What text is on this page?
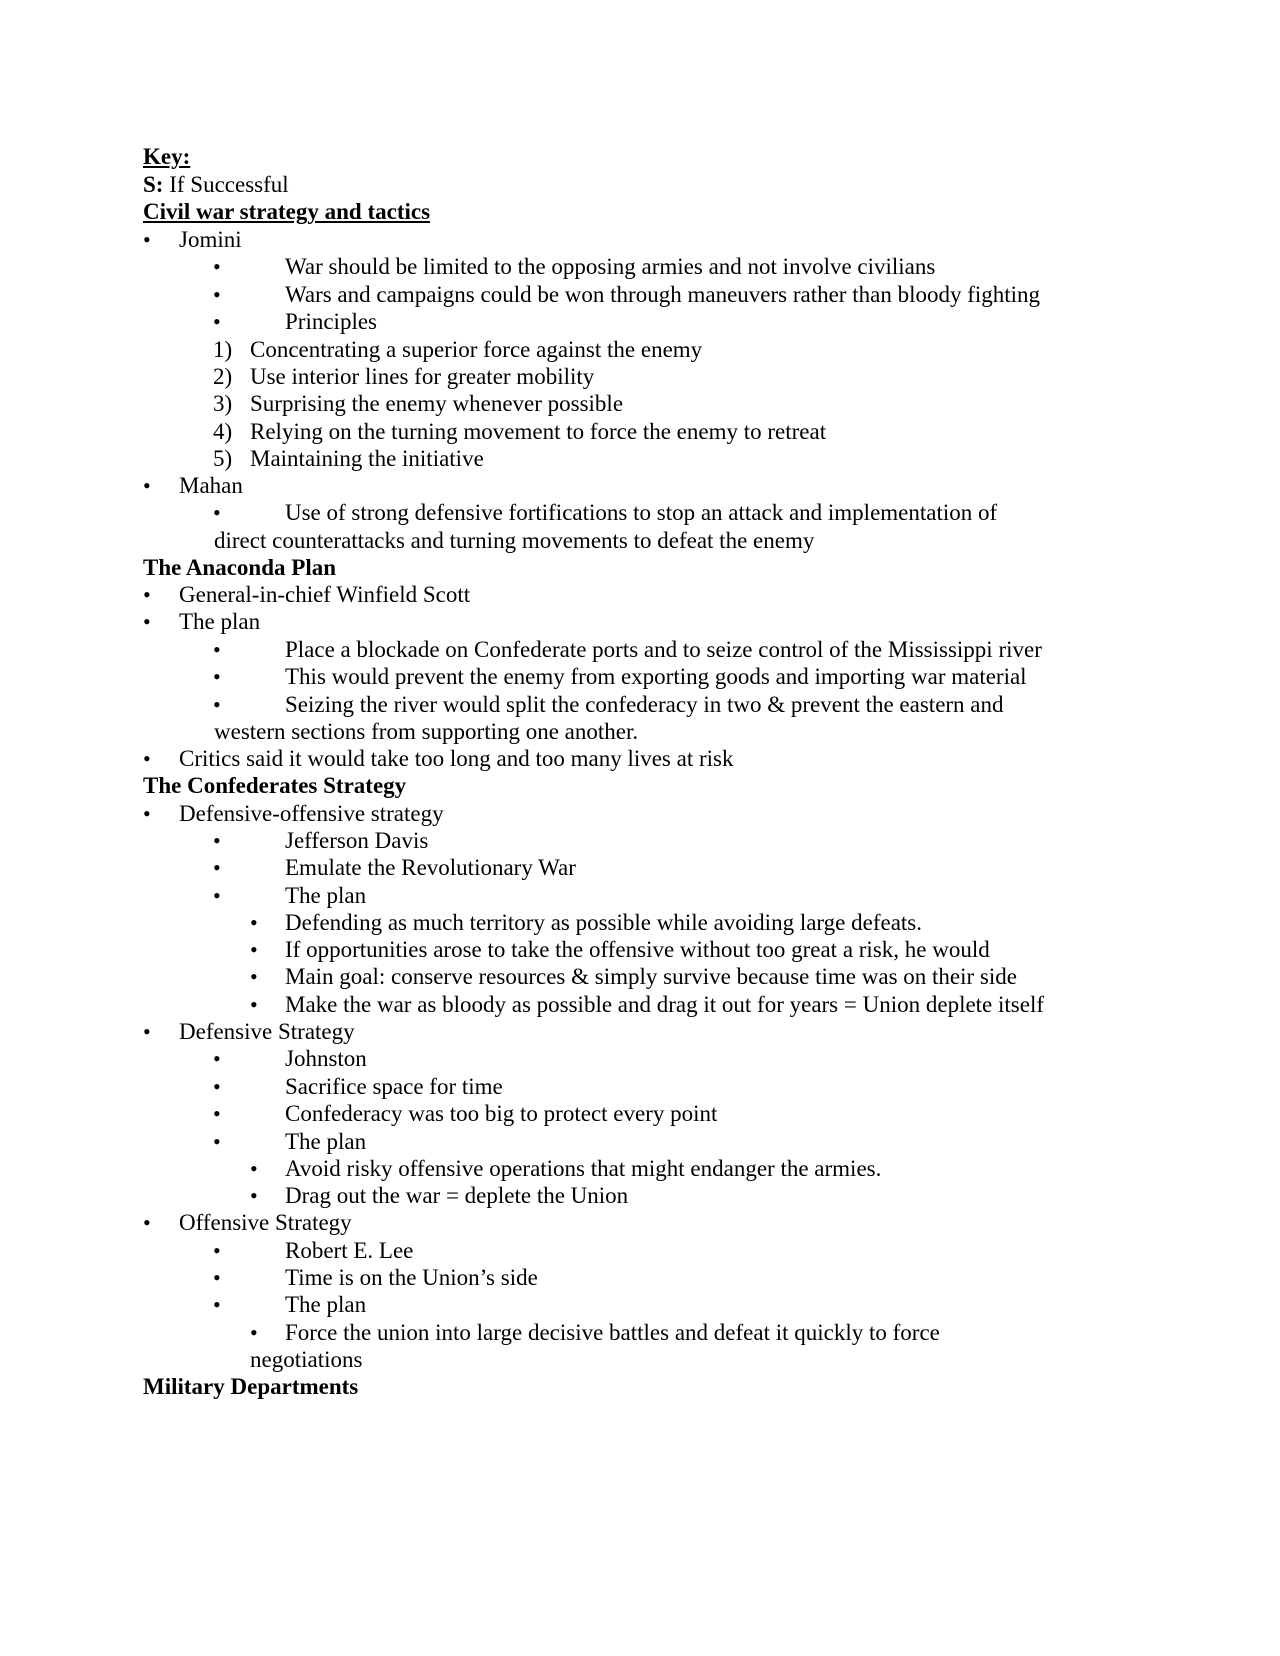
Key:
S: If Successful
Civil war strategy and tactics
• Jomini
•	War should be limited to the opposing armies and not involve civilians
•	Wars and campaigns could be won through maneuvers rather than bloody fighting
•	Principles
1) Concentrating a superior force against the enemy
2) Use interior lines for greater mobility
3) Surprising the enemy whenever possible
4) Relying on the turning movement to force the enemy to retreat
5) Maintaining the initiative
• Mahan
•	Use of strong defensive fortifications to stop an attack and implementation of
direct counterattacks and turning movements to defeat the enemy
The Anaconda Plan
• General-in-chief Winfield Scott
• The plan
•	Place a blockade on Confederate ports and to seize control of the Mississippi river
•	This would prevent the enemy from exporting goods and importing war material
•	Seizing the river would split the confederacy in two & prevent the eastern and
western sections from supporting one another.
• Critics said it would take too long and too many lives at risk
The Confederates Strategy
• Defensive-offensive strategy
•	Jefferson Davis
•	Emulate the Revolutionary War
•	The plan
• Defending as much territory as possible while avoiding large defeats.
• If opportunities arose to take the offensive without too great a risk, he would
• Main goal: conserve resources & simply survive because time was on their side
• Make the war as bloody as possible and drag it out for years = Union deplete itself
• Defensive Strategy
•	Johnston
•	Sacrifice space for time
•	Confederacy was too big to protect every point
•	The plan
• Avoid risky offensive operations that might endanger the armies.
• Drag out the war = deplete the Union
• Offensive Strategy
•	Robert E. Lee
•	Time is on the Union’s side
•	The plan
• Force the union into large decisive battles and defeat it quickly to force
negotiations
Military Departments
